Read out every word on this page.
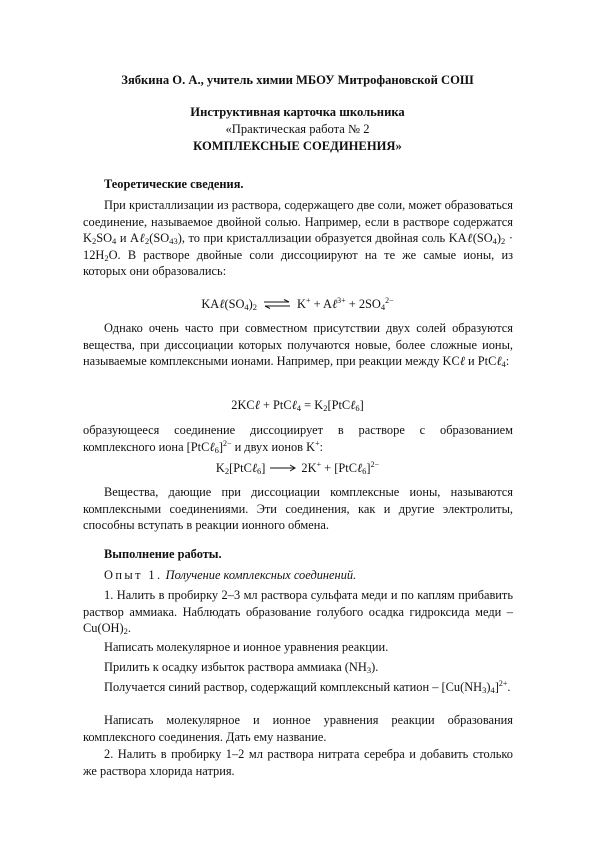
Зябкина О. А., учитель химии МБОУ Митрофановской СОШ
Инструктивная карточка школьника
«Практическая работа № 2
КОМПЛЕКСНЫЕ СОЕДИНЕНИЯ»
Теоретические сведения.

При кристаллизации из раствора, содержащего две соли, может образоваться соединение, называемое двойной солью. Например, если в растворе содержатся $K_2SO_4$ и $A\ell_2(SO_{43})$, то при кристаллизации образуется двойная соль $KA\ell(SO_4)_2 \cdot 12H_2O$. В растворе двойные соли диссоциируют на те же самые ионы, из которых они образовались:

$KA\ell(SO_4)_2$ ⇌ K+ + Aℓ$^{3+}$ + $2SO_4^{2-}$

Однако очень часто при совместном присутствии двух солей образуются вещества, при диссоциации которых получаются новые, более сложные ионы, называемые комплексными ионами. Например, при реакции между KCℓ и PtCℓ$_4$:

2KCℓ + PtCℓ$_4$ = $K_2[PtC\ell_6]$

образующееся соединение диссоциирует в растворе с образованием комплексного иона [PtCℓ$_6$]$^{2-}$ и двух ионов K+:

$K_2[PtC\ell_6]$	2K+ + [PtCℓ$_6$]$^{2-}$

Вещества, дающие при диссоциации комплексные ионы, называются комплексными соединениями. Эти соединения, как и другие электролиты, способны вступать в реакции ионного обмена.

Выполнение работы.

Опыт 1. Получение комплексных соединений.

1. Налить в пробирку 2–3 мл раствора сульфата меди и по каплям прибавить раствор аммиака. Наблюдать образование голубого осадка гидроксида меди – $Cu(OH)_2$.

Написать молекулярное и ионное уравнения реакции.

Прилить к осадку избыток раствора аммиака $(NH_3)$.

Получается синий раствор, содержащий комплексный катион – $[Cu(NH_3)_4]^{2+}$.

Написать молекулярное и ионное уравнения реакции образования комплексного соединения. Дать ему название.

2. Налить в пробирку 1–2 мл раствора нитрата серебра и добавить столько же раствора хлорида натрия.
